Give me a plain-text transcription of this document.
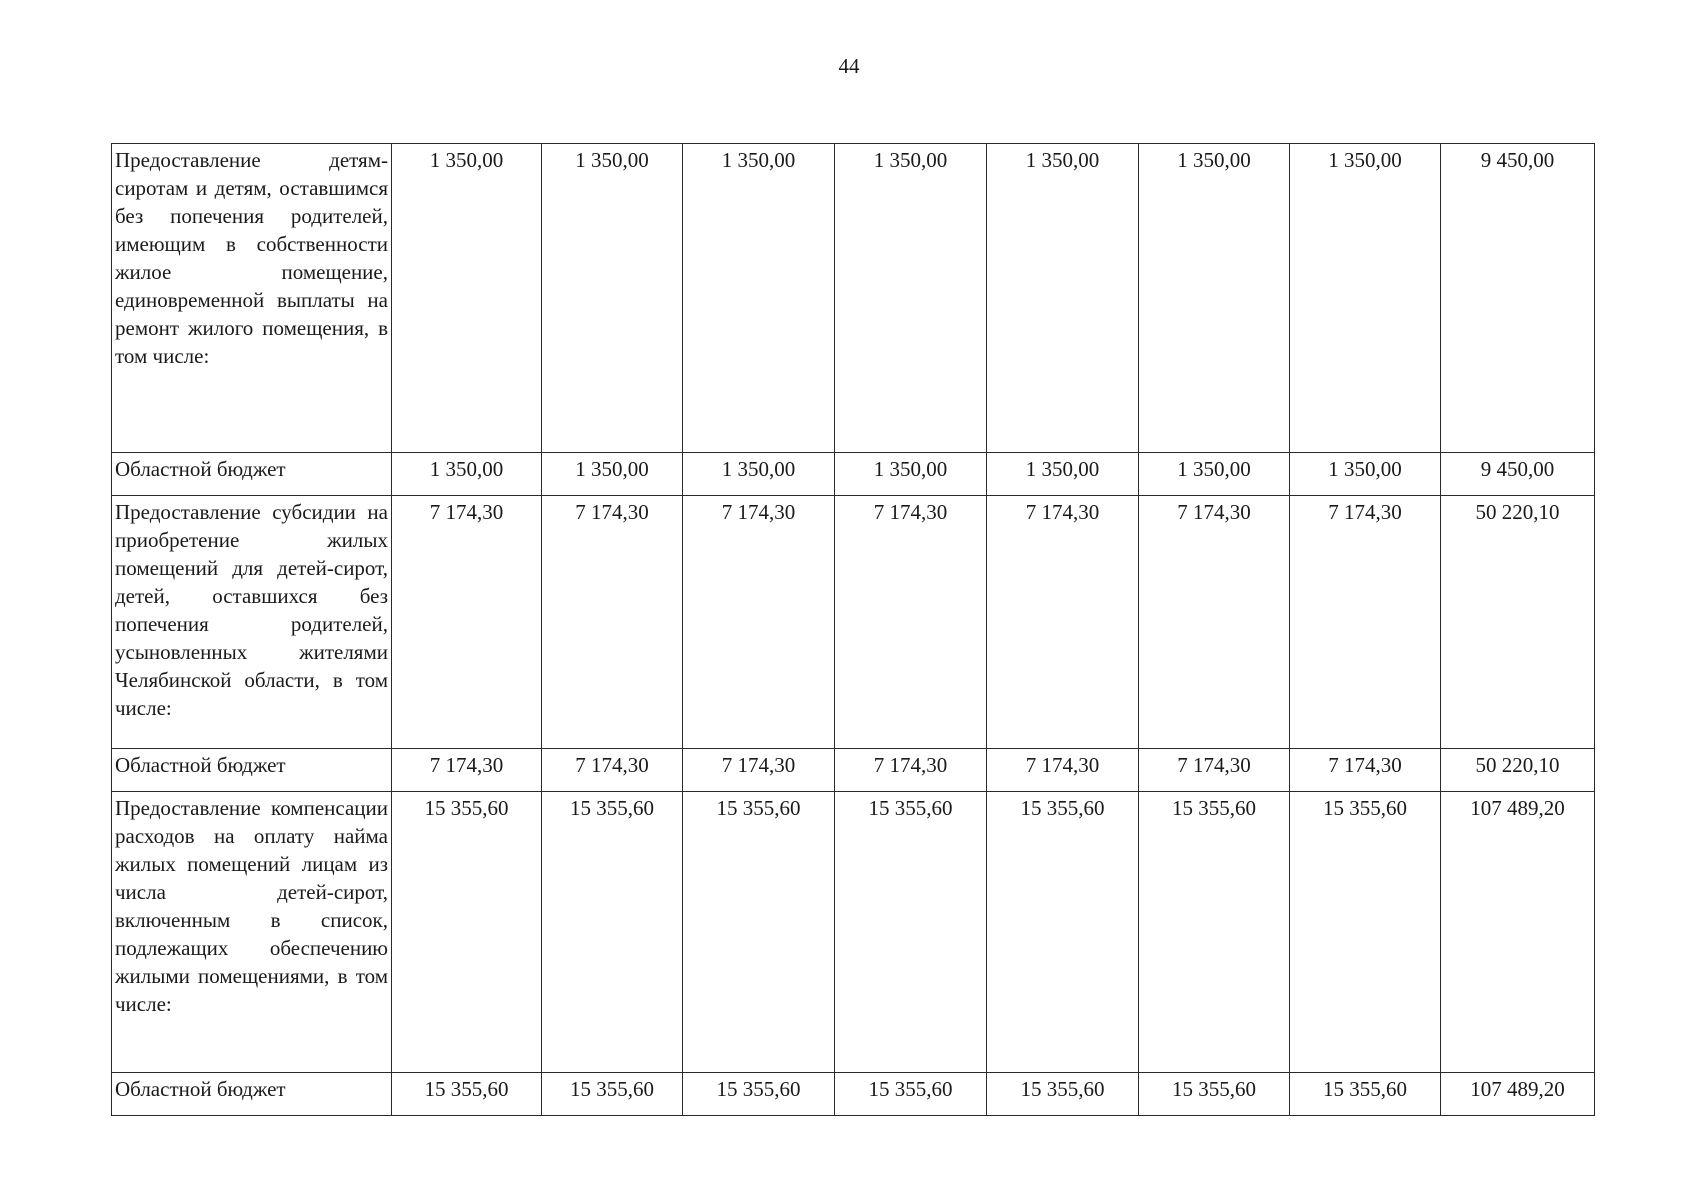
44
Предоставление детям-сиротам и детям, оставшимся без попечения родителей, имеющим в собственности жилое помещение, единовременной выплаты на ремонт жилого помещения, в том числе:	1 350,00	1 350,00	1 350,00	1 350,00	1 350,00	1 350,00	1 350,00	9 450,00
Областной бюджет	1 350,00	1 350,00	1 350,00	1 350,00	1 350,00	1 350,00	1 350,00	9 450,00
Предоставление субсидии на приобретение жилых помещений для детей-сирот, детей, оставшихся без попечения родителей, усыновленных жителями Челябинской области, в том числе:	7 174,30	7 174,30	7 174,30	7 174,30	7 174,30	7 174,30	7 174,30	50 220,10
Областной бюджет	7 174,30	7 174,30	7 174,30	7 174,30	7 174,30	7 174,30	7 174,30	50 220,10
Предоставление компенсации расходов на оплату найма жилых помещений лицам из числа детей-сирот, включенным в список, подлежащих обеспечению жилыми помещениями, в том числе:	15 355,60	15 355,60	15 355,60	15 355,60	15 355,60	15 355,60	15 355,60	107 489,20
Областной бюджет	15 355,60	15 355,60	15 355,60	15 355,60	15 355,60	15 355,60	15 355,60	107 489,20
